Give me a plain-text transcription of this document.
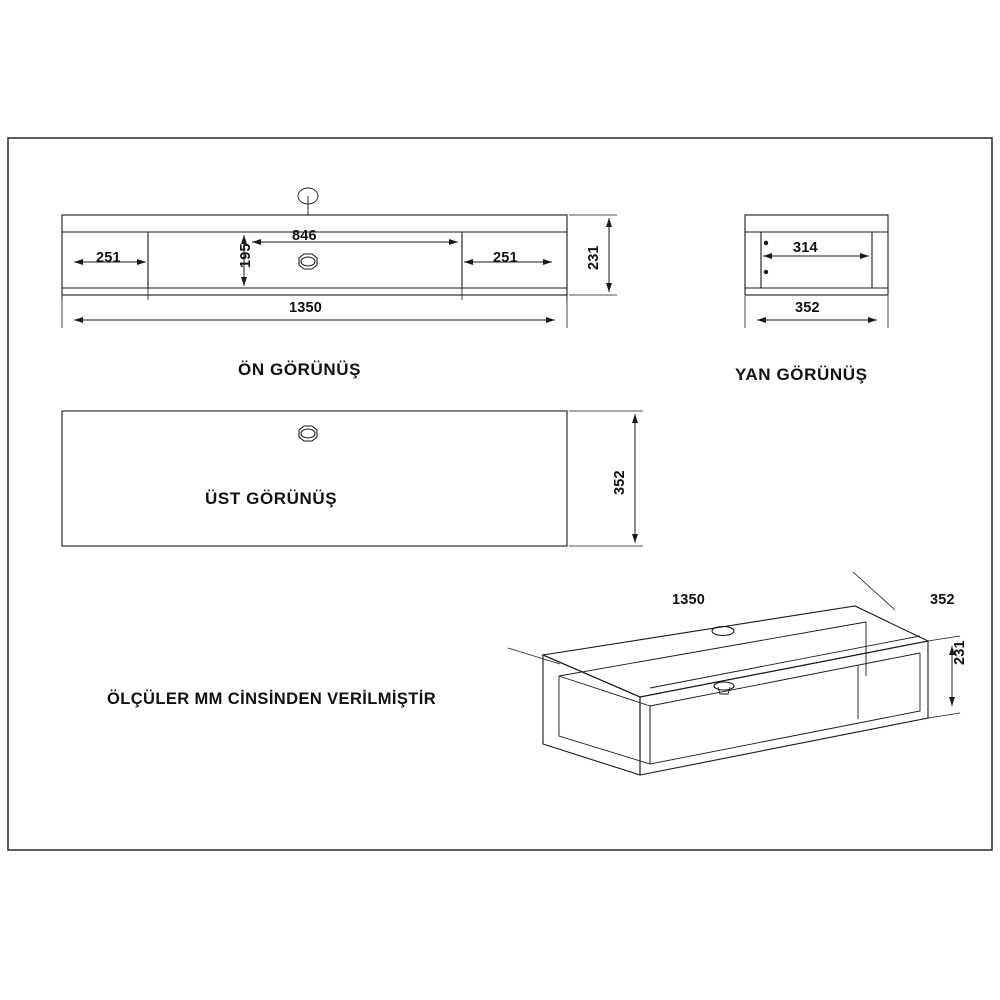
251
846
195	251
1350
231
ÖN GÖRÜNÜŞ
314
352
YAN GÖRÜNÜŞ
ÜST GÖRÜNÜŞ
352
1350	352
231
ÖLÇÜLER MM CİNSİNDEN VERİLMİŞTİR
